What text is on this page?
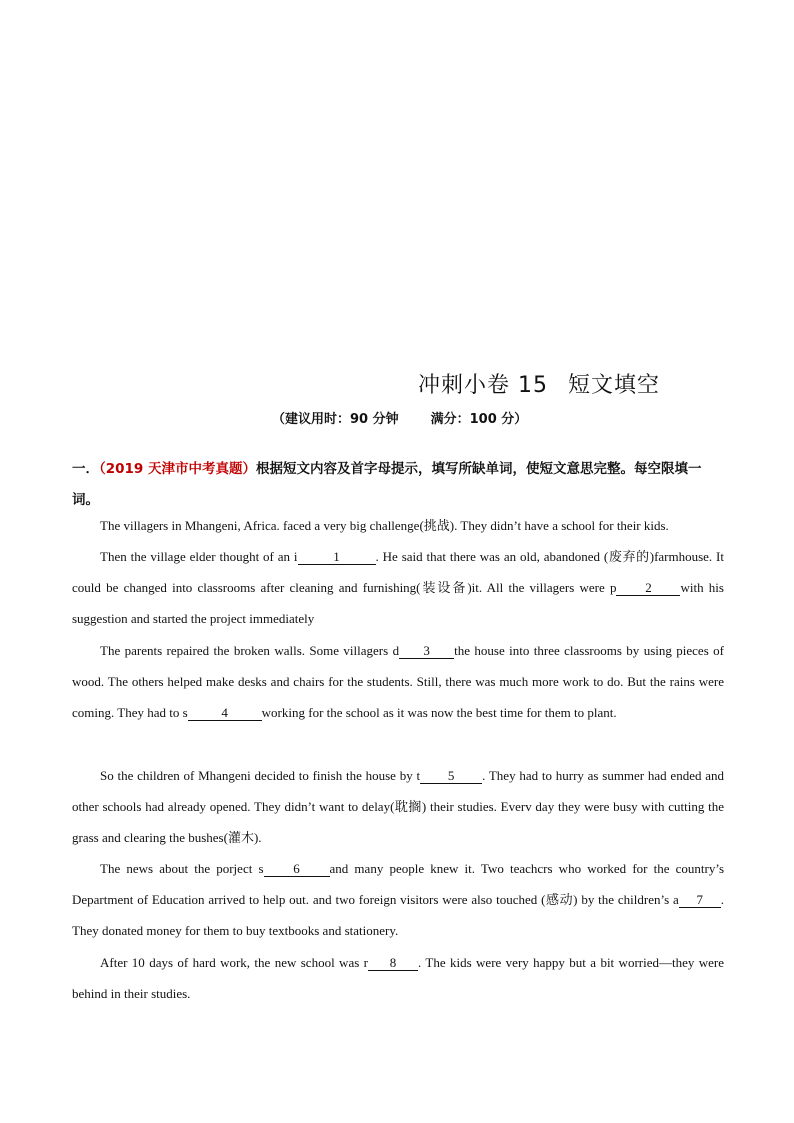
冲刺小卷 15 短文填空
（建议用时：90 分钟 满分：100 分）
一．（2019 天津市中考真题）根据短文内容及首字母提示，填写所缺单词，使短文意思完整。每空限填一词。
The villagers in Mhangeni, Africa. faced a very big challenge(挑战). They didn’t have a school for their kids.
Then the village elder thought of an i	1	. He said that there was an old, abandoned (废弃的)farmhouse. It could be changed into classrooms after cleaning and furnishing(装设备)it. All the villagers were p 2 with his suggestion and started the project immediately
The parents repaired the broken walls. Some villagers d 3 the house into three classrooms by using pieces of wood. The others helped make desks and chairs for the students. Still, there was much more work to do. But the rains were coming. They had to s	4	working for the school as it was now the best time for them to plant.
So the children of Mhangeni decided to finish the house by t 5 . They had to hurry as summer had ended and other schools had already opened. They didn’t want to delay(耽搁) their studies. Everv day they were busy with cutting the grass and clearing the bushes(灌木).
The news about the porject s 6 and many people knew it. Two teachcrs who worked for the country’s Department of Education arrived to help out. and two foreign visitors were also touched (感动) by the children’s a 7 . They donated money for them to buy textbooks and stationery.
After 10 days of hard work, the new school was r 8 . The kids were very happy but a bit worried—they were behind in their studies.
